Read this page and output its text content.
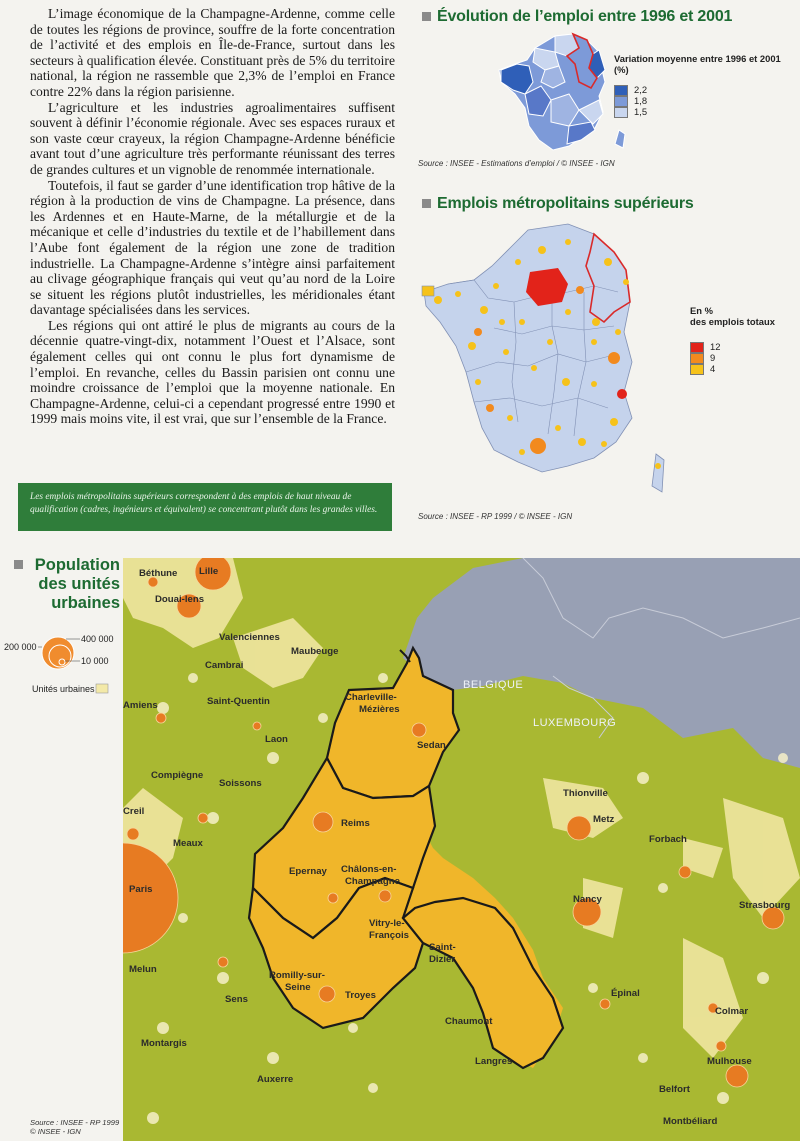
L’image économique de la Champagne-Ardenne, comme celle de toutes les régions de province, souffre de la forte concentration de l’activité et des emplois en Île-de-France, surtout dans les secteurs à qualification élevée. Constituant près de 5% du territoire national, la région ne rassemble que 2,3% de l’emploi en France contre 22% dans la région parisienne.

L’agriculture et les industries agroalimentaires suffisent souvent à définir l’économie régionale. Avec ses espaces ruraux et son vaste cœur crayeux, la région Champagne-Ardenne bénéficie avant tout d’une agriculture très performante réunissant des terres de grandes cultures et un vignoble de renommée internationale.

Toutefois, il faut se garder d’une identification trop hâtive de la région à la production de vins de Champagne. La présence, dans les Ardennes et en Haute-Marne, de la métallurgie et de la mécanique et celle d’industries du textile et de l’habillement dans l’Aube font également de la région une zone de tradition industrielle. La Champagne-Ardenne s’intègre ainsi parfaitement au clivage géographique français qui veut qu’au nord de la Loire se situent les régions plutôt industrielles, les méridionales étant davantage spécialisées dans les services.

Les régions qui ont attiré le plus de migrants au cours de la décennie quatre-vingt-dix, notamment l’Ouest et l’Alsace, sont également celles qui ont connu le plus fort dynamisme de l’emploi. En revanche, celles du Bassin parisien ont connu une moindre croissance de l’emploi que la moyenne nationale. En Champagne-Ardenne, celui-ci a cependant progressé entre 1990 et 1999 mais moins vite, il est vrai, que sur l’ensemble de la France.

Les emplois métropolitains supérieurs correspondent à des emplois de haut niveau de qualification (cadres, ingénieurs et équivalent) se concentrant plutôt dans les grandes villes.
Évolution de l’emploi entre 1996 et 2001
Variation moyenne entre 1996 et 2001 (%)
2,2
1,8
1,5
Source : INSEE - Estimations d’emploi / © INSEE - IGN
Emplois métropolitains supérieurs
En %
des emplois totaux
12
9
4
Source : INSEE - RP 1999 / © INSEE - IGN
Population
des unités
urbaines
400 000
200 000
10 000
Unités urbaines	BELGIQUE
LUXEMBOURG
Lille
Béthune
Douai-lens
Valenciennes
Maubeuge
Cambrai
Amiens	Saint-Quentin	Charleville-
Mézières
Sedan
Laon
Compiègne
Soissons
Creil
Reims
Thionville
Metz
Forbach
Meaux
Epernay Châlons-en-
Champagne
Paris
Vitry-le-
François
Nancy
Strasbourg
Saint-
Dizier
Melun
Romilly-sur-
Seine
Troyes
Sens
Épinal
Colmar
Chaumont
Montargis
Langres	Mulhouse
Auxerre
Belfort
Montbéliard
Source : INSEE - RP 1999
© INSEE - IGN
